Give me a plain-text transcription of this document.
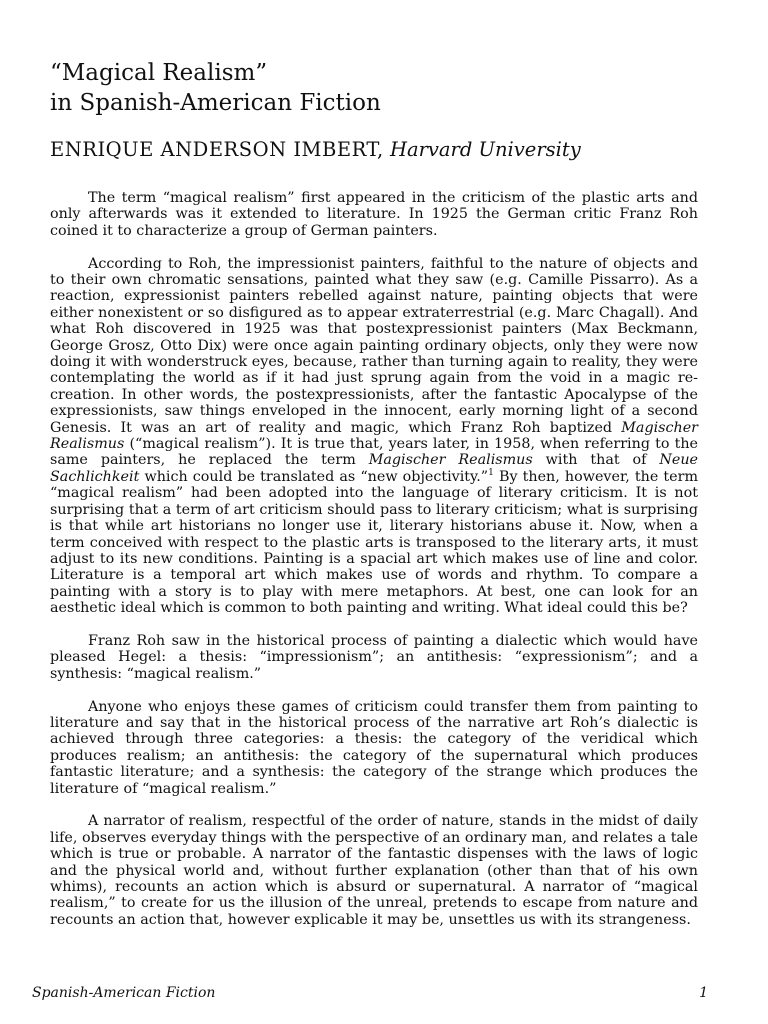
“Magical Realism”
in Spanish-American Fiction
ENRIQUE ANDERSON IMBERT, Harvard University

The term “magical realism” first appeared in the criticism of the plastic arts and only afterwards was it extended to literature. In 1925 the German critic Franz Roh coined it to characterize a group of German painters.

According to Roh, the impressionist painters, faithful to the nature of objects and to their own chromatic sensations, painted what they saw (e.g. Camille Pissarro). As a reaction, expressionist painters rebelled against nature, painting objects that were either nonexistent or so disfigured as to appear extraterrestrial (e.g. Marc Chagall). And what Roh discovered in 1925 was that postexpressionist painters (Max Beckmann, George Grosz, Otto Dix) were once again painting ordinary objects, only they were now doing it with wonderstruck eyes, because, rather than turning again to reality, they were contemplating the world as if it had just sprung again from the void in a magic re-creation. In other words, the postexpressionists, after the fantastic Apocalypse of the expressionists, saw things enveloped in the innocent, early morning light of a second Genesis. It was an art of reality and magic, which Franz Roh baptized Magischer Realismus (“magical realism”). It is true that, years later, in 1958, when referring to the same painters, he replaced the term Magischer Realismus with that of Neue Sachlichkeit which could be translated as “new objectivity.”$^1$ By then, however, the term “magical realism” had been adopted into the language of literary criticism. It is not surprising that a term of art criticism should pass to literary criticism; what is surprising is that while art historians no longer use it, literary historians abuse it. Now, when a term conceived with respect to the plastic arts is transposed to the literary arts, it must adjust to its new conditions. Painting is a spacial art which makes use of line and color. Literature is a temporal art which makes use of words and rhythm. To compare a painting with a story is to play with mere metaphors. At best, one can look for an aesthetic ideal which is common to both painting and writing. What ideal could this be?

Franz Roh saw in the historical process of painting a dialectic which would have pleased Hegel: a thesis: “impressionism”; an antithesis: “expressionism”; and a synthesis: “magical realism.”

Anyone who enjoys these games of criticism could transfer them from painting to literature and say that in the historical process of the narrative art Roh’s dialectic is achieved through three categories: a thesis: the category of the veridical which produces realism; an antithesis: the category of the supernatural which produces fantastic literature; and a synthesis: the category of the strange which produces the literature of “magical realism.”

A narrator of realism, respectful of the order of nature, stands in the midst of daily life, observes everyday things with the perspective of an ordinary man, and relates a tale which is true or probable. A narrator of the fantastic dispenses with the laws of logic and the physical world and, without further explanation (other than that of his own whims), recounts an action which is absurd or supernatural. A narrator of “magical realism,” to create for us the illusion of the unreal, pretends to escape from nature and recounts an action that, however explicable it may be, unsettles us with its strangeness.

Spanish-American Fiction	1
